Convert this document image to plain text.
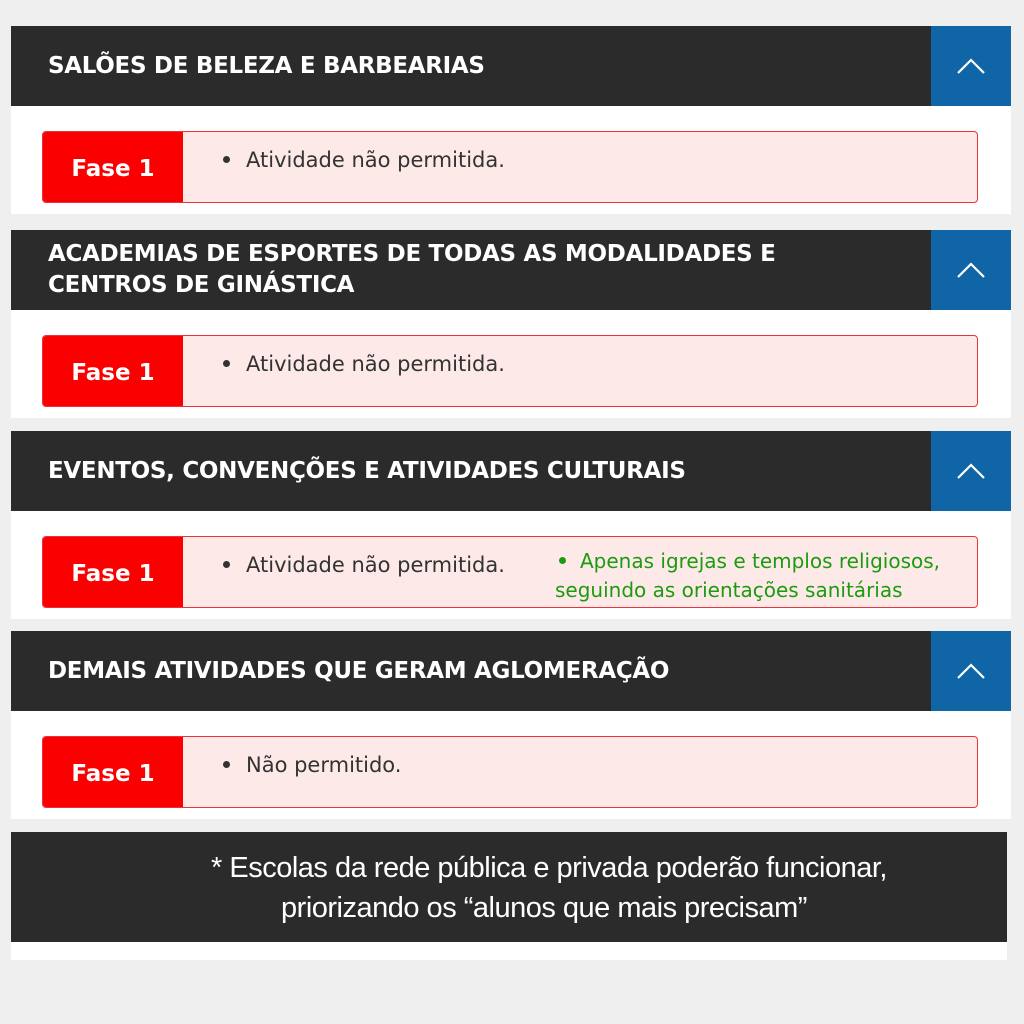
SALÕES DE BELEZA E BARBEARIAS
Fase 1	Atividade não permitida.
ACADEMIAS DE ESPORTES DE TODAS AS MODALIDADES E CENTROS DE GINÁSTICA
Fase 1	Atividade não permitida.
EVENTOS, CONVENÇÕES E ATIVIDADES CULTURAIS
Fase 1	Atividade não permitida.	Apenas igrejas e templos religiosos, seguindo as orientações sanitárias
DEMAIS ATIVIDADES QUE GERAM AGLOMERAÇÃO
Fase 1	Não permitido.
* Escolas da rede pública e privada poderão funcionar,
priorizando os “alunos que mais precisam”
